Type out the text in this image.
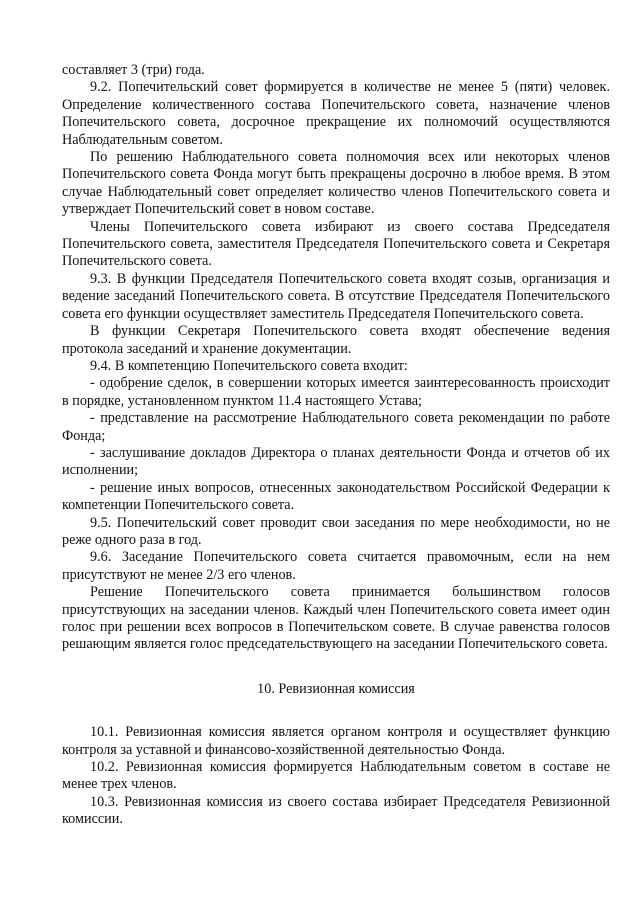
составляет 3 (три) года.

9.2. Попечительский совет формируется в количестве не менее 5 (пяти) человек. Определение количественного состава Попечительского совета, назначение членов Попечительского совета, досрочное прекращение их полномочий осуществляются Наблюдательным советом.

По решению Наблюдательного совета полномочия всех или некоторых членов Попечительского совета Фонда могут быть прекращены досрочно в любое время. В этом случае Наблюдательный совет определяет количество членов Попечительского совета и утверждает Попечительский совет в новом составе.

Члены Попечительского совета избирают из своего состава Председателя Попечительского совета, заместителя Председателя Попечительского совета и Секретаря Попечительского совета.

9.3. В функции Председателя Попечительского совета входят созыв, организация и ведение заседаний Попечительского совета. В отсутствие Председателя Попечительского совета его функции осуществляет заместитель Председателя Попечительского совета.

В функции Секретаря Попечительского совета входят обеспечение ведения протокола заседаний и хранение документации.

9.4. В компетенцию Попечительского совета входит:

- одобрение сделок, в совершении которых имеется заинтересованность происходит в порядке, установленном пунктом 11.4 настоящего Устава;

- представление на рассмотрение Наблюдательного совета рекомендации по работе Фонда;

- заслушивание докладов Директора о планах деятельности Фонда и отчетов об их исполнении;

- решение иных вопросов, отнесенных законодательством Российской Федерации к компетенции Попечительского совета.

9.5. Попечительский совет проводит свои заседания по мере необходимости, но не реже одного раза в год.

9.6. Заседание Попечительского совета считается правомочным, если на нем присутствуют не менее 2/3 его членов.

Решение Попечительского совета принимается большинством голосов присутствующих на заседании членов. Каждый член Попечительского совета имеет один голос при решении всех вопросов в Попечительском совете. В случае равенства голосов решающим является голос председательствующего на заседании Попечительского совета.

10. Ревизионная комиссия

10.1. Ревизионная комиссия является органом контроля и осуществляет функцию контроля за уставной и финансово-хозяйственной деятельностью Фонда.

10.2. Ревизионная комиссия формируется Наблюдательным советом в составе не менее трех членов.

10.3. Ревизионная комиссия из своего состава избирает Председателя Ревизионной комиссии.
